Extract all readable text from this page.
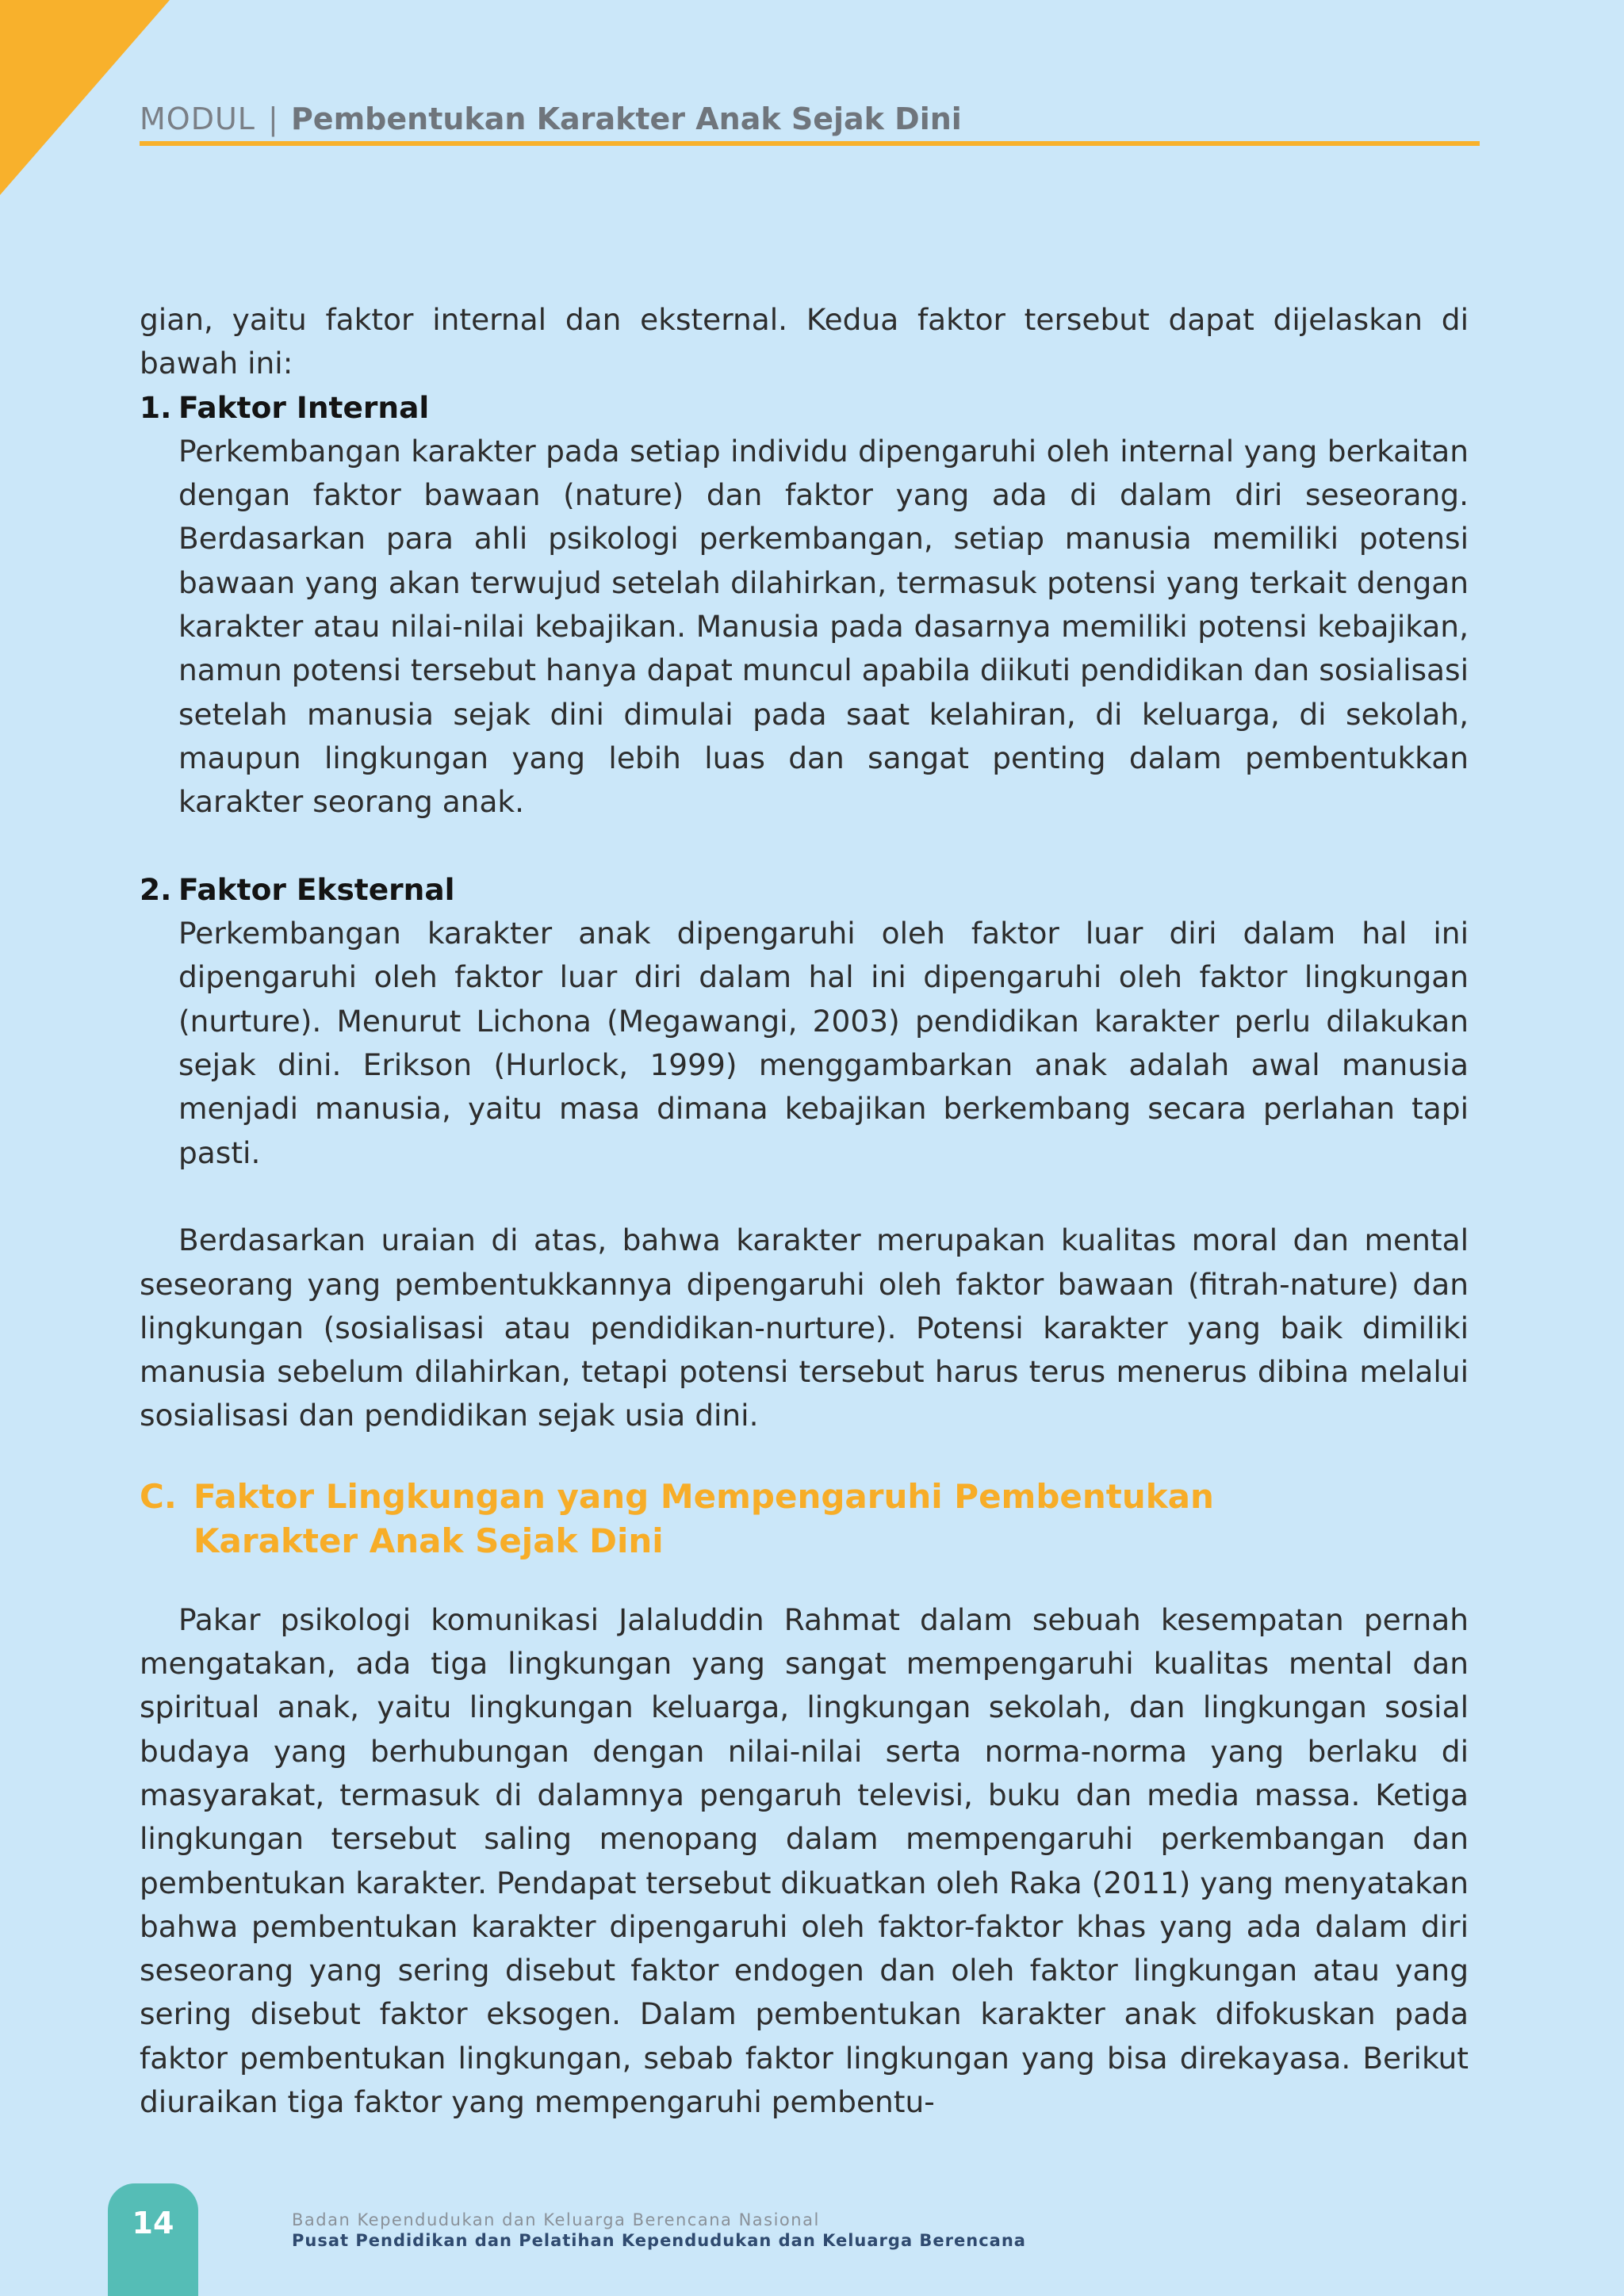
MODUL | Pembentukan Karakter Anak Sejak Dini

gian, yaitu faktor internal dan eksternal. Kedua faktor tersebut dapat dijelaskan di bawah ini:

1. Faktor Internal

Perkembangan karakter pada setiap individu dipengaruhi oleh internal yang berkaitan dengan faktor bawaan (nature) dan faktor yang ada di dalam diri seseorang. Berdasarkan para ahli psikologi perkembangan, setiap manusia memiliki potensi bawaan yang akan terwujud setelah dilahirkan, termasuk potensi yang terkait dengan karakter atau nilai-nilai kebajikan. Manusia pada dasarnya memiliki potensi kebajikan, namun potensi tersebut hanya dapat muncul apabila diikuti pendidikan dan sosialisasi setelah manusia sejak dini dimulai pada saat kelahiran, di keluarga, di sekolah, maupun lingkungan yang lebih luas dan sangat penting dalam pembentukkan karakter seorang anak.

2. Faktor Eksternal

Perkembangan karakter anak dipengaruhi oleh faktor luar diri dalam hal ini dipengaruhi oleh faktor luar diri dalam hal ini dipengaruhi oleh faktor lingkungan (nurture). Menurut Lichona (Megawangi, 2003) pendidikan karakter perlu dilakukan sejak dini. Erikson (Hurlock, 1999) menggambarkan anak adalah awal manusia menjadi manusia, yaitu masa dimana kebajikan berkembang secara perlahan tapi pasti.

Berdasarkan uraian di atas, bahwa karakter merupakan kualitas moral dan mental seseorang yang pembentukkannya dipengaruhi oleh faktor bawaan (fitrah-nature) dan lingkungan (sosialisasi atau pendidikan-nurture). Potensi karakter yang baik dimiliki manusia sebelum dilahirkan, tetapi potensi tersebut harus terus menerus dibina melalui sosialisasi dan pendidikan sejak usia dini.

C. Faktor Lingkungan yang Mempengaruhi Pembentukan
Karakter Anak Sejak Dini

Pakar psikologi komunikasi Jalaluddin Rahmat dalam sebuah kesempatan pernah mengatakan, ada tiga lingkungan yang sangat mempengaruhi kualitas mental dan spiritual anak, yaitu lingkungan keluarga, lingkungan sekolah, dan lingkungan sosial budaya yang berhubungan dengan nilai-nilai serta norma-norma yang berlaku di masyarakat, termasuk di dalamnya pengaruh televisi, buku dan media massa. Ketiga lingkungan tersebut saling menopang dalam mempengaruhi perkembangan dan pembentukan karakter. Pendapat tersebut dikuatkan oleh Raka (2011) yang menyatakan bahwa pembentukan karakter dipengaruhi oleh faktor-faktor khas yang ada dalam diri seseorang yang sering disebut faktor endogen dan oleh faktor lingkungan atau yang sering disebut faktor eksogen. Dalam pembentukan karakter anak difokuskan pada faktor pembentukan lingkungan, sebab faktor lingkungan yang bisa direkayasa. Berikut diuraikan tiga faktor yang mempengaruhi pembentu-

14	Badan Kependudukan dan Keluarga Berencana Nasional
Pusat Pendidikan dan Pelatihan Kependudukan dan Keluarga Berencana
